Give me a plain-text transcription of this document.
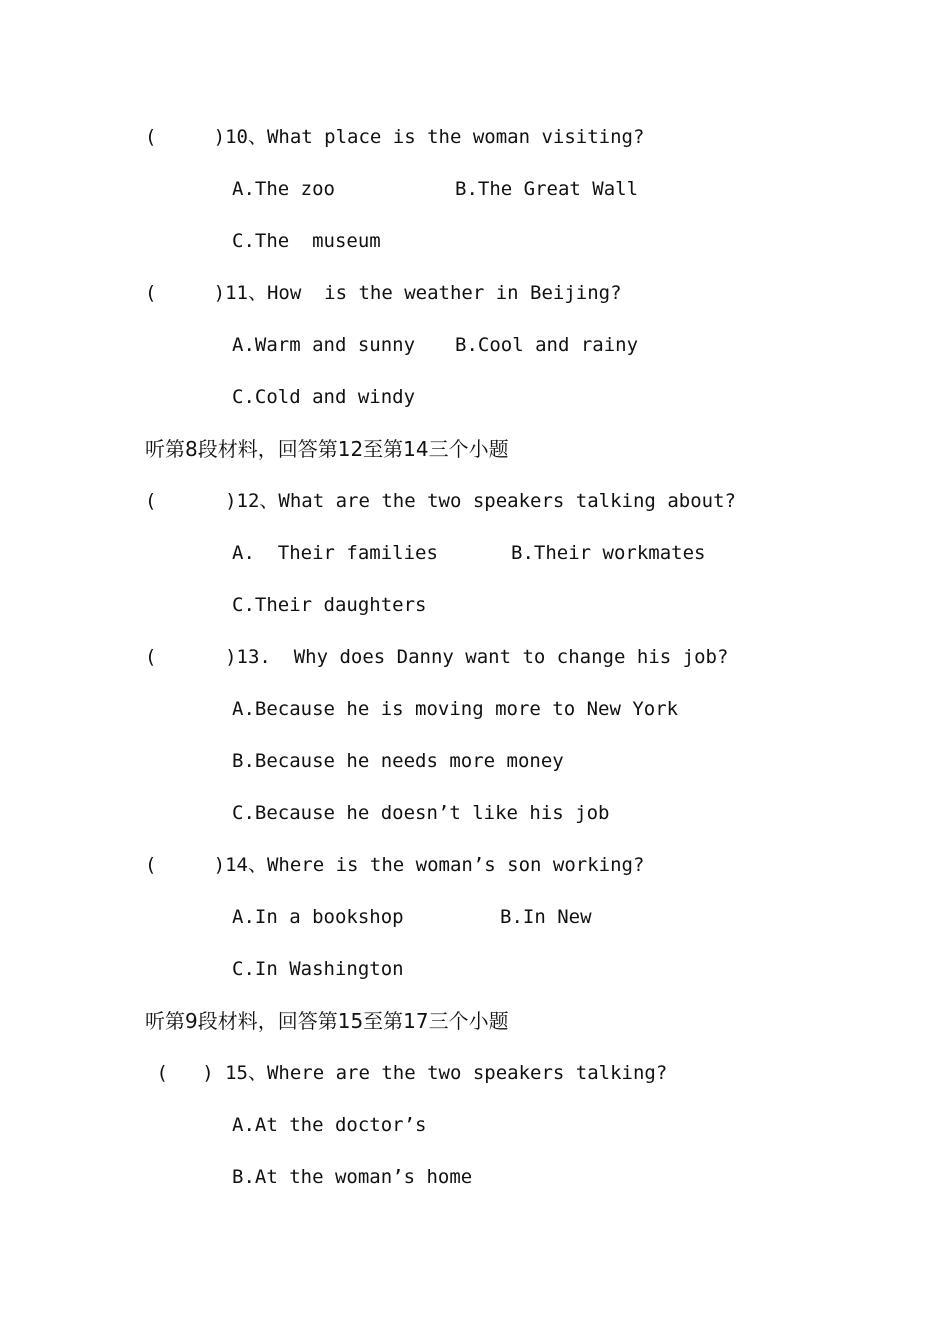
(     )10、What place is the woman visiting?

A.The zoo

	B.The Great Wall

C.The  museum
(     )11、How  is the weather in Beijing?

A.Warm and sunny

B.Cool and rainy

C.Cold and windy
听第8段材料，回答第12至第14三个小题
(      )12、What are the two speakers talking about?

A.  Their families

	B.Their workmates

C.Their daughters
(      )13.  Why does Danny want to change his job?
A.Because he is moving more to New York
B.Because he needs more money
C.Because he doesn’t like his job
(     )14、Where is the woman’s son working?

A.In a bookshop

	B.In New

C.In Washington
听第9段材料，回答第15至第17三个小题
(   ) 15、Where are the two speakers talking?
A.At the doctor’s
B.At the woman’s home
